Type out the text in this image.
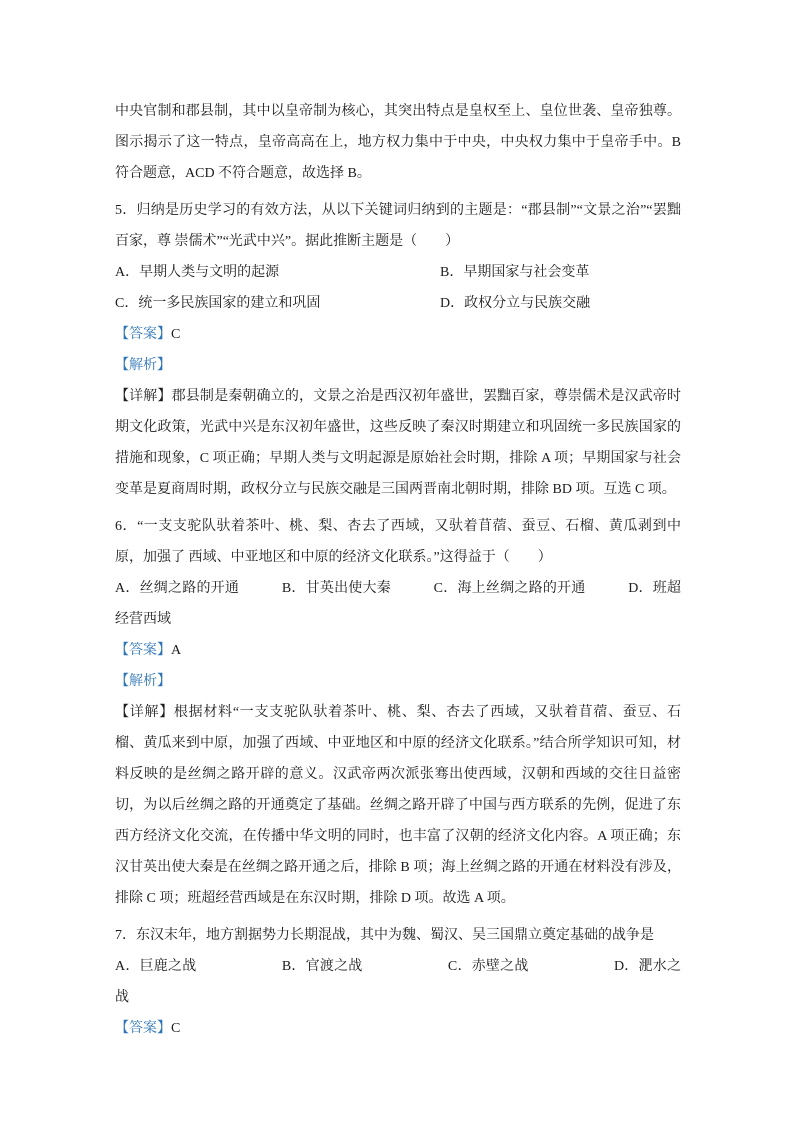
中央官制和郡县制，其中以皇帝制为核心，其突出特点是皇权至上、皇位世袭、皇帝独尊。图示揭示了这一特点，皇帝高高在上，地方权力集中于中央，中央权力集中于皇帝手中。B 符合题意，ACD 不符合题意，故选择 B。

5．归纳是历史学习的有效方法，从以下关键词归纳到的主题是：“郡县制”“文景之治”“罢黜百家，尊 崇儒术”“光武中兴”。据此推断主题是（　　）

A．早期人类与文明的起源	B．早期国家与社会变革
C．统一多民族国家的建立和巩固	D．政权分立与民族交融

【答案】C

【解析】

【详解】郡县制是秦朝确立的，文景之治是西汉初年盛世，罢黜百家，尊崇儒术是汉武帝时期文化政策，光武中兴是东汉初年盛世，这些反映了秦汉时期建立和巩固统一多民族国家的措施和现象，C 项正确；早期人类与文明起源是原始社会时期，排除 A 项；早期国家与社会变革是夏商周时期，政权分立与民族交融是三国两晋南北朝时期，排除 BD 项。互选 C 项。

6．“一支支驼队驮着茶叶、桃、梨、杏去了西域，又驮着苜蓿、蚕豆、石榴、黄瓜剥到中原，加强了 西域、中亚地区和中原的经济文化联系。”这得益于（　　）

A．丝绸之路的开通　　　B．甘英出使大秦　　　C．海上丝绸之路的开通　　　D．班超经营西域

【答案】A

【解析】

【详解】根据材料“一支支驼队驮着茶叶、桃、梨、杏去了西域，又驮着苜蓿、蚕豆、石榴、黄瓜来到中原，加强了西域、中亚地区和中原的经济文化联系。”结合所学知识可知，材料反映的是丝绸之路开辟的意义。汉武帝两次派张骞出使西域，汉朝和西域的交往日益密切，为以后丝绸之路的开通奠定了基础。丝绸之路开辟了中国与西方联系的先例，促进了东西方经济文化交流，在传播中华文明的同时，也丰富了汉朝的经济文化内容。A 项正确；东汉甘英出使大秦是在丝绸之路开通之后，排除 B 项；海上丝绸之路的开通在材料没有涉及，排除 C 项；班超经营西域是在东汉时期，排除 D 项。故选 A 项。

7．东汉末年，地方割据势力长期混战，其中为魏、蜀汉、吴三国鼎立奠定基础的战争是

A．巨鹿之战　　　　　　B．官渡之战　　　　　　C．赤壁之战　　　　　　D．淝水之战

【答案】C
